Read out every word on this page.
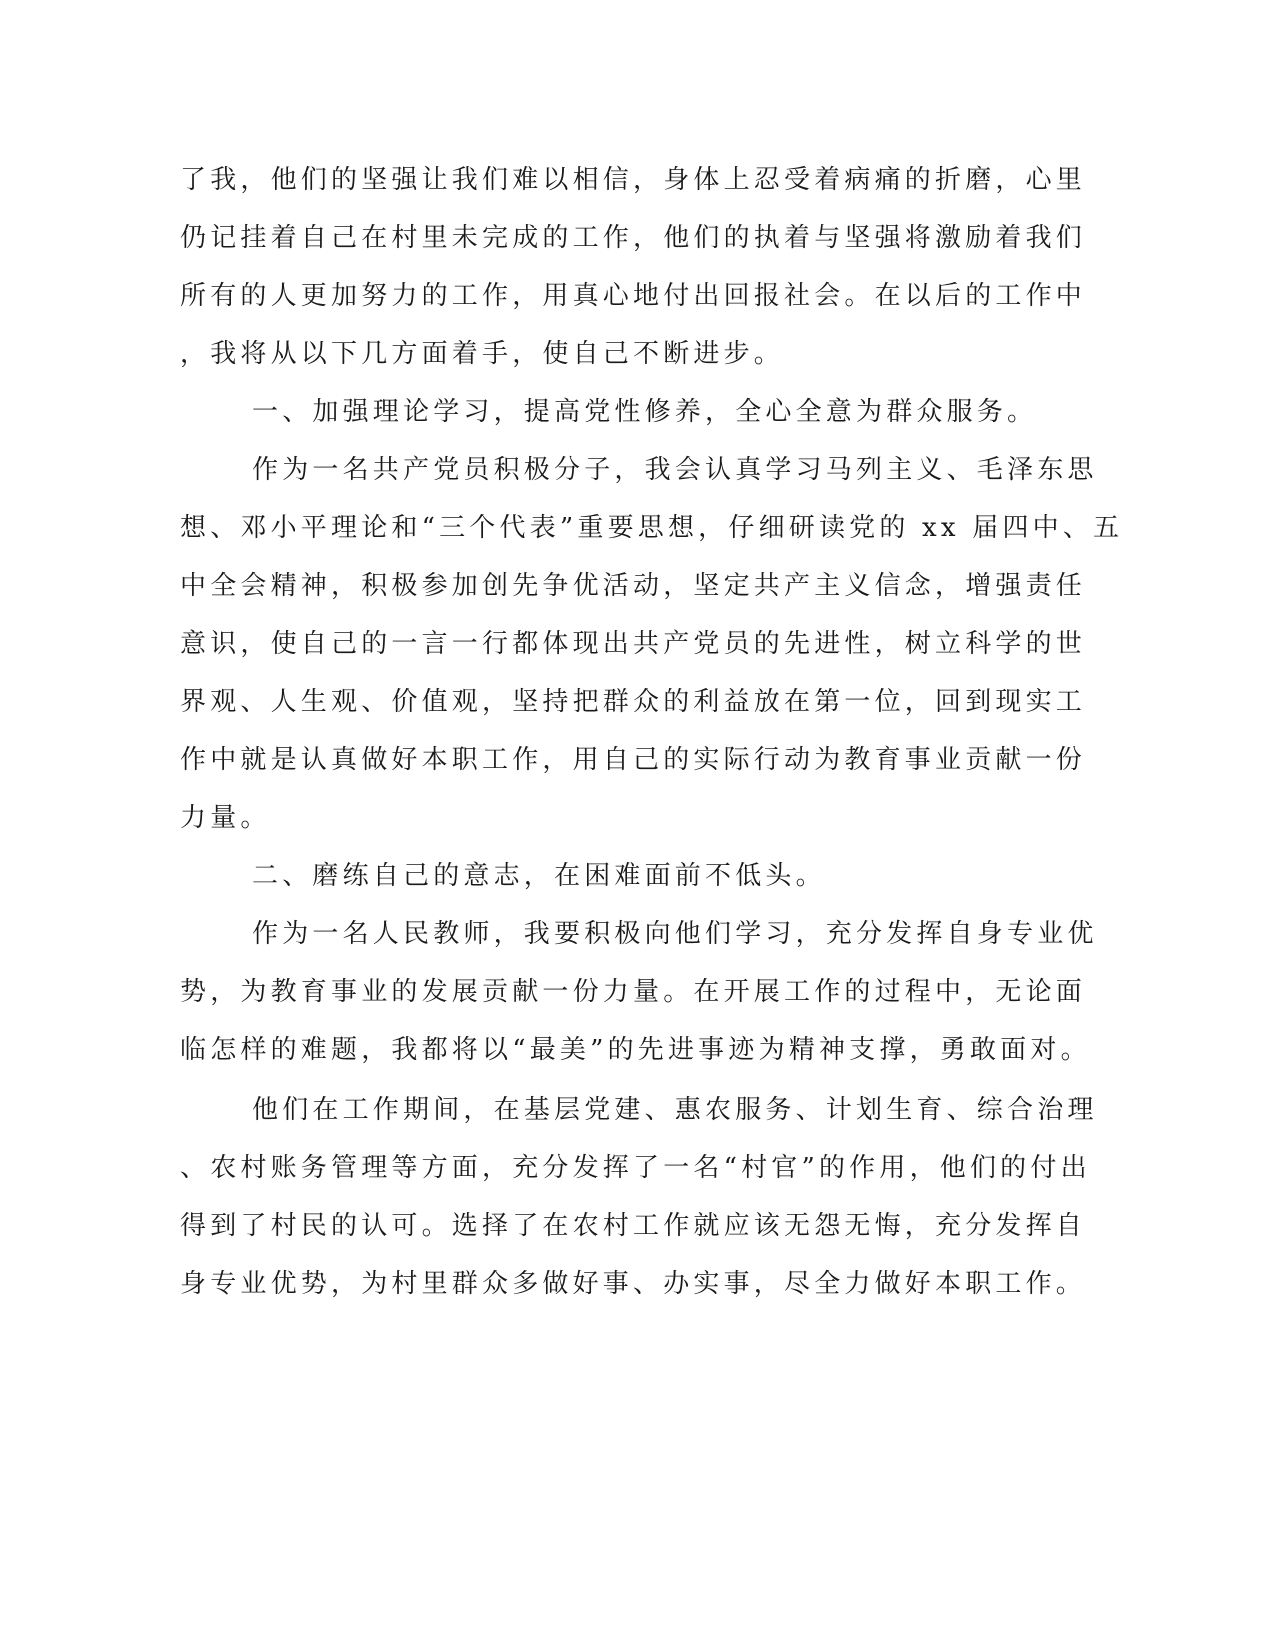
了我，他们的坚强让我们难以相信，身体上忍受着病痛的折磨，心里
仍记挂着自己在村里未完成的工作，他们的执着与坚强将激励着我们
所有的人更加努力的工作，用真心地付出回报社会。在以后的工作中
，我将从以下几方面着手，使自己不断进步。
一、加强理论学习，提高党性修养，全心全意为群众服务。
作为一名共产党员积极分子，我会认真学习马列主义、毛泽东思
想、邓小平理论和“三个代表”重要思想，仔细研读党的 xx 届四中、五
中全会精神，积极参加创先争优活动，坚定共产主义信念，增强责任
意识，使自己的一言一行都体现出共产党员的先进性，树立科学的世
界观、人生观、价值观，坚持把群众的利益放在第一位，回到现实工
作中就是认真做好本职工作，用自己的实际行动为教育事业贡献一份
力量。
二、磨练自己的意志，在困难面前不低头。
作为一名人民教师，我要积极向他们学习，充分发挥自身专业优
势，为教育事业的发展贡献一份力量。在开展工作的过程中，无论面
临怎样的难题，我都将以“最美”的先进事迹为精神支撑，勇敢面对。
他们在工作期间，在基层党建、惠农服务、计划生育、综合治理
、农村账务管理等方面，充分发挥了一名“村官”的作用，他们的付出
得到了村民的认可。选择了在农村工作就应该无怨无悔，充分发挥自
身专业优势，为村里群众多做好事、办实事，尽全力做好本职工作。
